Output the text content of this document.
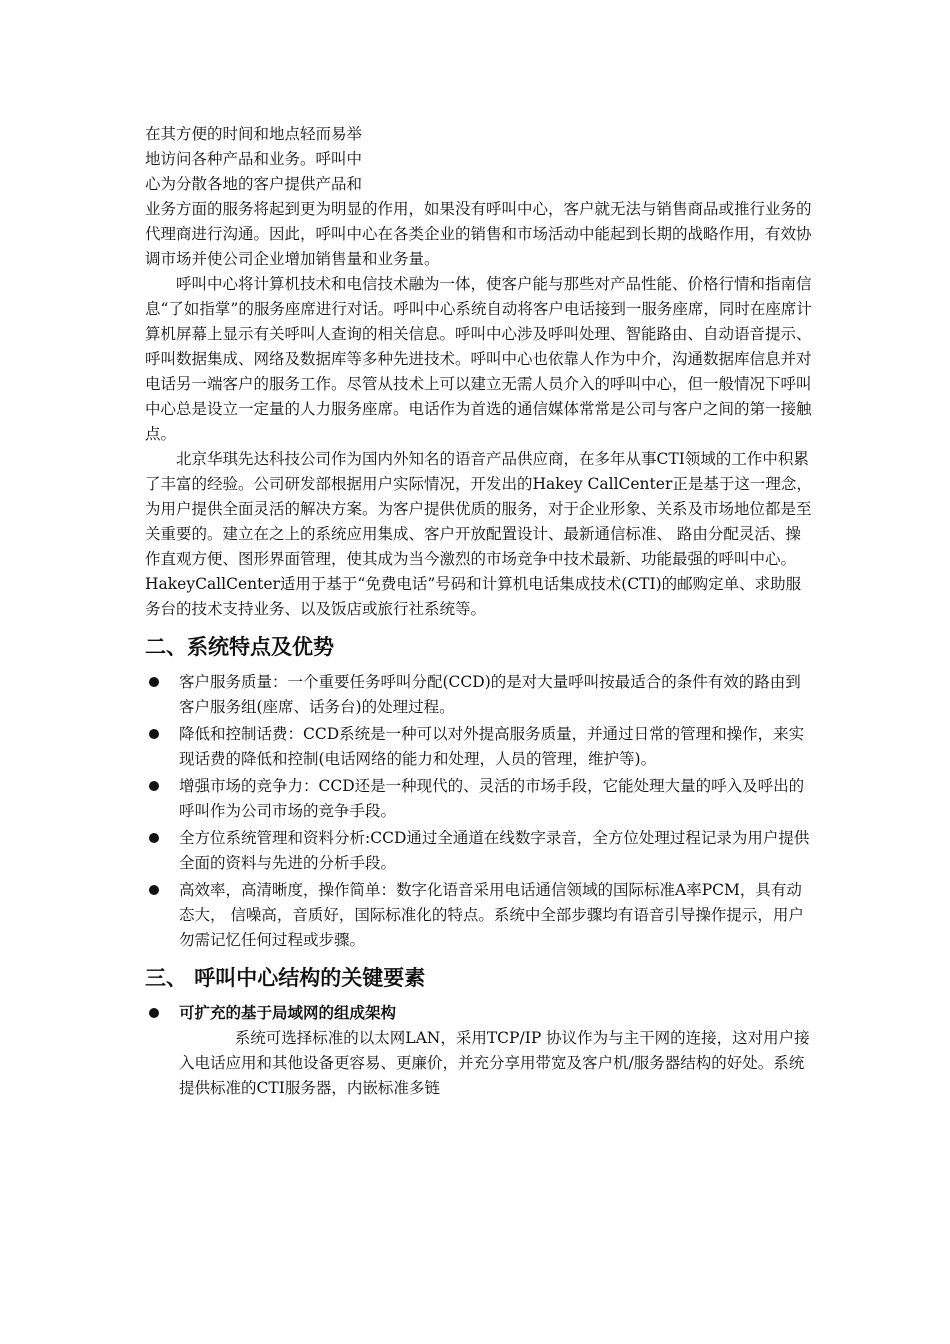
在其方便的时间和地点轻而易举
地访问各种产品和业务。呼叫中
心为分散各地的客户提供产品和

业务方面的服务将起到更为明显的作用，如果没有呼叫中心，客户就无法与销售商品或推行业务的代理商进行沟通。因此，呼叫中心在各类企业的销售和市场活动中能起到长期的战略作用，有效协调市场并使公司企业增加销售量和业务量。

呼叫中心将计算机技术和电信技术融为一体，使客户能与那些对产品性能、价格行情和指南信息“了如指掌”的服务座席进行对话。呼叫中心系统自动将客户电话接到一服务座席，同时在座席计算机屏幕上显示有关呼叫人查询的相关信息。呼叫中心涉及呼叫处理、智能路由、自动语音提示、呼叫数据集成、网络及数据库等多种先进技术。呼叫中心也依靠人作为中介，沟通数据库信息并对电话另一端客户的服务工作。尽管从技术上可以建立无需人员介入的呼叫中心，但一般情况下呼叫中心总是设立一定量的人力服务座席。电话作为首选的通信媒体常常是公司与客户之间的第一接触点。

北京华琪先达科技公司作为国内外知名的语音产品供应商，在多年从事CTI领域的工作中积累了丰富的经验。公司研发部根据用户实际情况，开发出的Hakey CallCenter正是基于这一理念，为用户提供全面灵活的解决方案。为客户提供优质的服务，对于企业形象、关系及市场地位都是至关重要的。建立在之上的系统应用集成、客户开放配置设计、最新通信标准、 路由分配灵活、操作直观方便、图形界面管理，使其成为当今激烈的市场竞争中技术最新、功能最强的呼叫中心。HakeyCallCenter适用于基于“免费电话”号码和计算机电话集成技术(CTI)的邮购定单、求助服务台的技术支持业务、以及饭店或旅行社系统等。

二、系统特点及优势
客户服务质量：一个重要任务呼叫分配(CCD)的是对大量呼叫按最适合的条件有效的路由到客户服务组(座席、话务台)的处理过程。
降低和控制话费：CCD系统是一种可以对外提高服务质量，并通过日常的管理和操作，来实现话费的降低和控制(电话网络的能力和处理，人员的管理，维护等)。
增强市场的竞争力：CCD还是一种现代的、灵活的市场手段，它能处理大量的呼入及呼出的呼叫作为公司市场的竞争手段。
全方位系统管理和资料分析:CCD通过全通道在线数字录音，全方位处理过程记录为用户提供全面的资料与先进的分析手段。
高效率，高清晰度，操作简单：数字化语音采用电话通信领域的国际标准A率PCM，具有动态大， 信噪高，音质好，国际标准化的特点。系统中全部步骤均有语音引导操作提示，用户勿需记忆任何过程或步骤。
三、 呼叫中心结构的关键要素
可扩充的基于局域网的组成架构
系统可选择标准的以太网LAN，采用TCP/IP 协议作为与主干网的连接，这对用户接入电话应用和其他设备更容易、更廉价，并充分享用带宽及客户机/服务器结构的好处。系统提供标准的CTI服务器，内嵌标准多链
